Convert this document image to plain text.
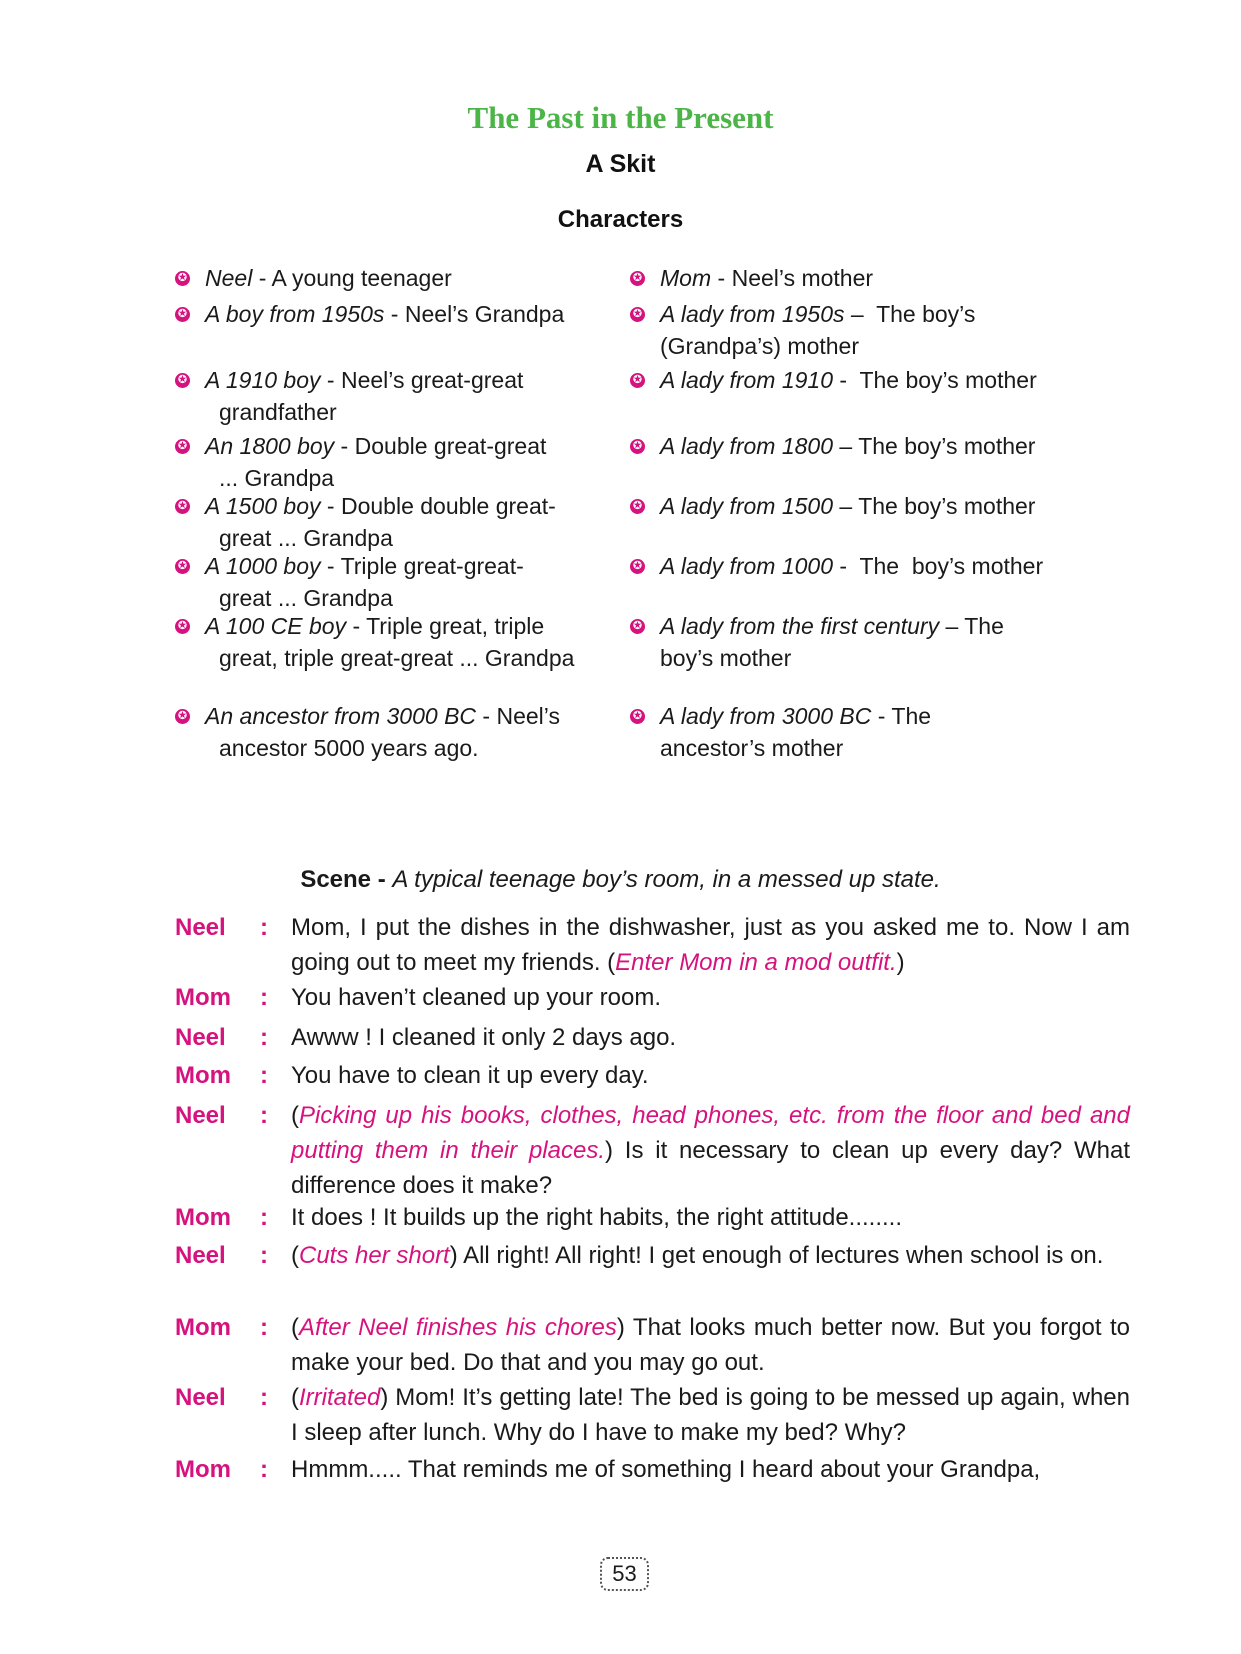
The Past in the Present
A Skit
Characters
✪ Neel - A young teenager
✪ A boy from 1950s - Neel’s Grandpa
✪ A 1910 boy - Neel’s great-great
grandfather
✪ An 1800 boy - Double great-great
... Grandpa
✪ A 1500 boy - Double double great-
great ... Grandpa
✪ A 1000 boy - Triple great-great-
great ... Grandpa
✪ A 100 CE boy - Triple great, triple
great, triple great-great ... Grandpa
✪ An ancestor from 3000 BC - Neel’s
ancestor 5000 years ago.
✪ Mom - Neel’s mother
✪ A lady from 1950s –  The boy’s
(Grandpa’s) mother
✪ A lady from 1910 -  The boy’s mother
✪ A lady from 1800 – The boy’s mother
✪ A lady from 1500 – The boy’s mother
✪ A lady from 1000 -  The  boy’s mother
✪ A lady from the first century – The
boy’s mother
✪ A lady from 3000 BC - The
ancestor’s mother
Scene - A typical teenage boy’s room, in a messed up state.
Neel	: Mom, I put the dishes in the dishwasher, just as you asked me to. Now I am going out to meet my friends. (Enter Mom in a mod outfit.)
Mom	: You haven’t cleaned up your room.
Neel	: Awww ! I cleaned it only 2 days ago.
Mom	: You have to clean it up every day.
Neel	: (Picking up his books, clothes, head phones, etc. from the floor and bed and putting them in their places.) Is it necessary to clean up every day? What difference does it make?
Mom	: It does ! It builds up the right habits, the right attitude........
Neel	: (Cuts her short) All right! All right! I get enough of lectures when school is on.
Mom	: (After Neel finishes his chores) That looks much better now. But you forgot to make your bed. Do that and you may go out.
Neel	: (Irritated) Mom! It’s getting late! The bed is going to be messed up again, when I sleep after lunch. Why do I have to make my bed? Why?
Mom	: Hmmm..... That reminds me of something I heard about your Grandpa,
53
